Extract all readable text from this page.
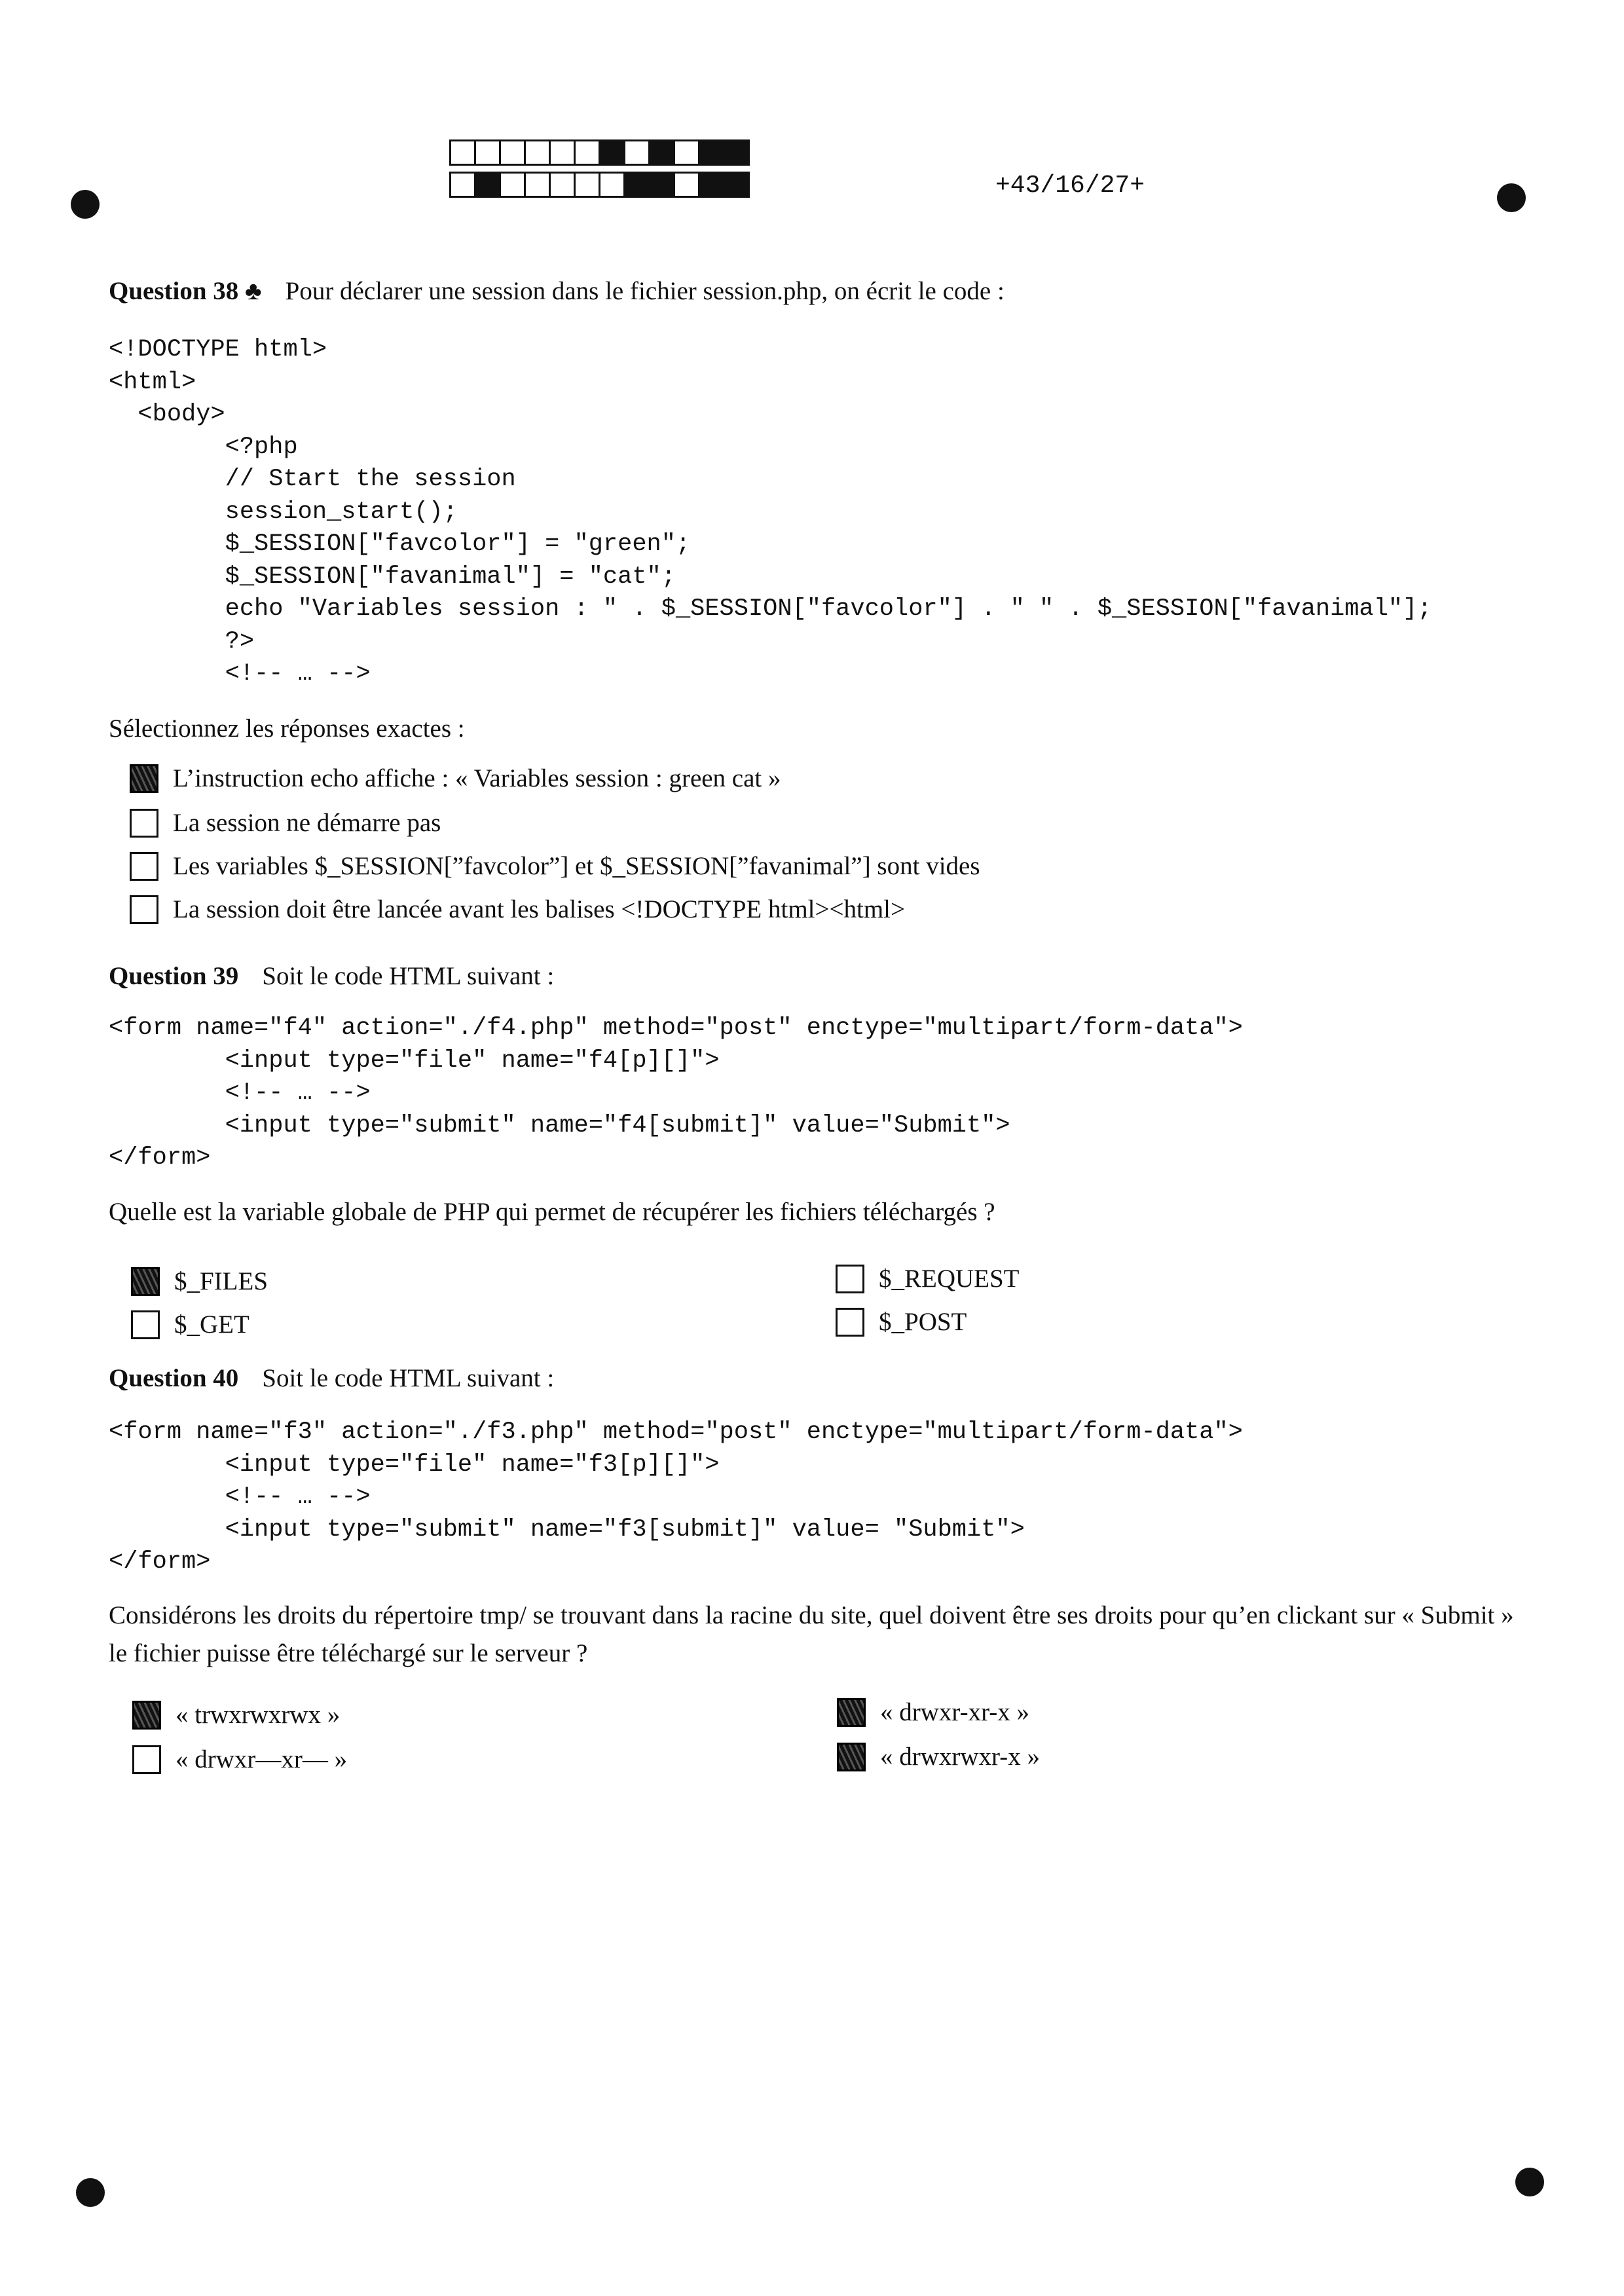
+43/16/27+
Question 38 ♣ Pour déclarer une session dans le fichier session.php, on écrit le code :
<!DOCTYPE html>
<html>
<body>
<?php
// Start the session
session_start();
$_SESSION["favcolor"] = "green";
$_SESSION["favanimal"] = "cat";
echo "Variables session : " . $_SESSION["favcolor"] . " " . $_SESSION["favanimal"];
?>
<!-- … -->
Sélectionnez les réponses exactes :
L’instruction echo affiche : « Variables session : green cat »
La session ne démarre pas
Les variables $_SESSION[”favcolor”] et $_SESSION[”favanimal”] sont vides
La session doit être lancée avant les balises <!DOCTYPE html><html>
Question 39 Soit le code HTML suivant :
<form name="f4" action="./f4.php" method="post" enctype="multipart/form-data">
<input type="file" name="f4[p][]">
<!-- … -->
<input type="submit" name="f4[submit]" value="Submit">
</form>
Quelle est la variable globale de PHP qui permet de récupérer les fichiers téléchargés ?
$_FILES
$_GET
$_REQUEST
$_POST
Question 40 Soit le code HTML suivant :
<form name="f3" action="./f3.php" method="post" enctype="multipart/form-data">
<input type="file" name="f3[p][]">
<!-- … -->
<input type="submit" name="f3[submit]" value= "Submit">
</form>
Considérons les droits du répertoire tmp/ se trouvant dans la racine du site, quel doivent être ses droits pour qu’en clickant sur « Submit » le fichier puisse être téléchargé sur le serveur ?
« trwxrwxrwx »
« drwxr—xr— »
« drwxr-xr-x »
« drwxrwxr-x »
